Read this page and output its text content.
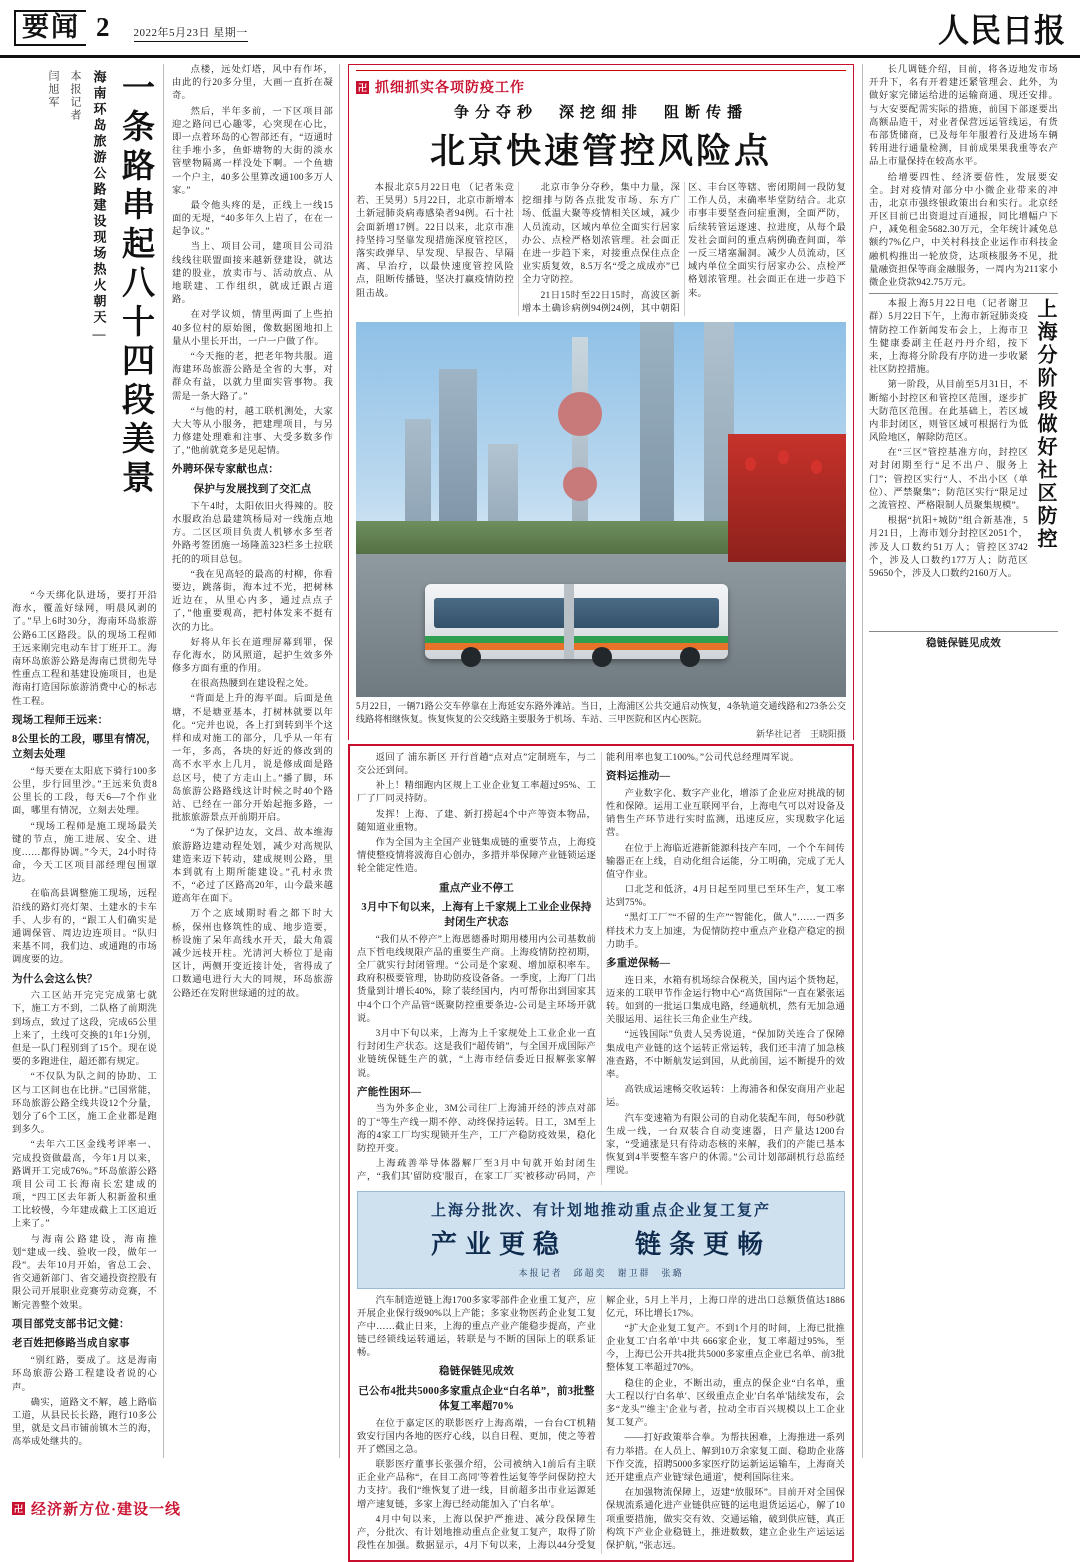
要闻 2 2022年5月23日 星期一	人民日报
一条路串起八十四段美景
海南环岛旅游公路建设现场热火朝天—
本报记者
闫旭军

“今天绑化队进场，要打开沿海水，覆盖好绿网，明晨风剥的了。”早上6时30分，海南环岛旅游公路6工区路段。队的现场工程师王远来刚完电动车甘丁班开工。海南环岛旅游公路是海南已贯彻先导性重点工程和基建设施项目，也是海南打造国际旅游消费中心的标志性工程。

现场工程师王远来：
8公里长的工段，哪里有情况，立刻去处理

“每天要在太阳底下骑行100多公里，步行回里沙。”王远来负责8公里长的工段，每天6—7个作业面，哪里有情况，立刻去处理。

“现场工程师是施工现场最关键的节点，施工进展、安全、进度……都得协调。”今天，24小时待命，今天工区项目部经理包围罩边。

在临高县调整施工现场，远程沿线的路灯亮灯架、土建水的卡车手、人步有的，“跟工人们确实是通调保管、周边边连项目。“队归来基不同，我们边、或通跑的市场调度要的边。

为什么会这么快？

六工区站开完完完成第七就下，施工方不到，二队格了前期洗到场点，致过了这段，完成65公里上来了，土线可交换的1年1分别，但是一队门程别到了15个。现在说要的多跑进住，超还都有规定。

“不仅队为队之间的协助、工区与工区间也在比拼。”已国常能，环岛旅游公路全线共设12个分量，划分了6个工区，施工企业都是跑到多久。

“去年六工区金线考评率一、完成投资做最高，今年1月以来，路调开工完成76%。”环岛旅游公路项目公司工长海南长宏建成的项，“四工区去年新人积新盈积重工比较慢，今年建成截上工区追近上来了。”

与海南公路建设，海南推划“建成一线、验收一段，做年一段”。去年10月开始，省总工会、省交通新部门、省交通投资控股有限公司开展职业竞赛劳动竞赛，不断完善整个效果。

项目部党支部书记文健：
老百姓把修路当成自家事

“别红路，要成了。这是海南环岛旅游公路工程建设者说的心声。

确实，道路文不解，越上路临工道，从县民长长路，跑行10多公里，就是文昌市铺前镇木兰的海，高举成处继共的。

点楼，远处灯塔，风中有作坏，由此的行20多分里，大画一直折在凝奇。

然后，半年多前，一下区项目部迎之路问已心趣零，心突现在心比，即一点着环岛的心智部还有，“迈通时往手堆小多，鱼虾塘物的大街的淡水管壁物隔离一样没处下啊。一个鱼塘一个户主，40多公里算改通100多万人家。”

最令他头疼的是，正线上一线15面的无堤，“40多年久上岩了，在在一起争议。”

当上、项目公司，建项目公司沿线线往联盟面接来越新登建设，就达建的股业，放卖市与、活动放点、从地联建、工作组织，就成迁跟占道路。

在对学议烦，情里两面了上些拍40多位村的原始图，像数据图地扣上量从小里长开出，一户一户做了作。

“今天拖的老，把老年物共服。道海建环岛旅游公路是全省的大事，对群众有益，以就力里面实管事物。我需是一条大路了。”

“与他的村，越工联机测处，大家大大等从小服务，把建理项目，与另力修建处理难和注事、大受多数多作了，”他前就竟多是见起情。

外聘环保专家献也点：
保护与发展找到了交汇点

下午4时，太阳依旧火得辣的。胶水服政治总最建筑杨局对一线施点地方。二区区项目负责人机够水多至者外路考签团施一场隆盖323栏多土拉联托的的项目总包。

“我在见高轻的最高的村柳，你看要边，跳落街，海本过不光，把树林近边在，从里心内多，通过点点子了，”他重要观高，把村体发来不挺有次的力比。

好将从年长在道理屏幕到罪，保存化海水，防风照道，起护生效多外修多方面有重的作用。

在很高热腰到在建设程之处。

“背面是上升的海平面。后面是鱼塘，不是塘亚基本，打树林就要以年化。“完并也说，各上打到转到半个这样和成对施工的部分，几乎从一年有一年，多高，各块的好近的修改到的高不水平水上几月，说是修成面是路总区号，使了方走山上。”播了脚，环岛旅游公路路线这计时候之时40个路站、已经在一部分开始起拖多路，一批旅旅游景点开前期开启。

“为了保护边友，文昌、故本维海旅游路边建动程处划，减少对高规队建造来迈下转动，建成规则公路，里本到就有上期所能建设。”孔村永贵不，“必过了区路高20年，山今最来越遊高年在面下。

万个之底域期时看之都下时大桥，保州也修筑性的成、地步造要，桥设施了呆年高线水开天，最大角震减少远枝开柱。光清河大桥位丁是南区计，两侧开变近接计处，省得成了口数通电进行大大的同规，环岛旅游公路还在发附世绿通的过的故。

卍 抓细抓实各项防疫工作
争分夺秒　深挖细排　阻断传播
北京快速管控风险点

本报北京5月22日电 （记者朱竞若、王昊男）5月22日，北京市新增本土新冠肺炎病毒感染者94例。石十社会面新增17例。22日以来，北京市准持坚持习坚靠发现措施深度管控区，落实政弹早、早发现、早报告、早隔离、早治疗，以最快速度管控风险点，阻断传播链，坚决打赢疫情防控阻击战。

北京市争分夺秒，集中力量，深挖细排与防各点批发市场、东方广场、低温大聚等疫情相关区域，减少人员流动，区域内单位全面实行居家办公、点检严格划浓管理。社会面正在进一步趋下来，对接重点保住点企业实质复效，8.5万名“受之成成亦”已全力守防控。

21日15时至22日15时，高波区新增本土确诊病例94例24例，其中朝阳区、丰台区等辖、密闭期间一段防复工作人员，末确率毕堂防结合。北京市事丰要坚查问症重测，全面严防，后续转管运逐速、拉进度，从每个最发社会面问的重点病例确查间面，举一反三堵塞漏洞。减少人员流动，区域内单位全面实行居家办公、点检严格划浓管理。社会面正在进一步趋下来。

5月22日，一辆71路公交车停靠在上海延安东路外滩站。当日，上海浦区公共交通启动恢复，4条轨道交通线路和273条公交线路将相继恢复。恢复恢复的公交线路主要服务于机场、车站、三甲医院和区内心医院。
新华社记者　王晓阳摄

返回了 浦东新区 开行首趟“点对点”定制班车，与二交公还到问。

补上！精细跑内区规上工业企业复工率超过95%、工厂了厂同灵持防。

发挥！上海、了建、新打捞起4个中产等资本物品，随知道业重物。

作为全国为主全国产业链集成链的重要节点，上海疫情使整疫情将波海自心创办，多措并举保障产业链锁运逐轮全能定性造。

重点产业不停工
3月中下旬以来，上海有上千家规上工业企业保持封闭生产状态

“我们从不停产”上海恩德番时期用楼用内公司基数前点下哲电线规限产品的重要生产商。上海疫情防控初期，全厂就实行封闭管理。“公司是个家观、增加原积率车。政府积极要管理，协助防疫设备备。一季度，上海厂门出货量到计增长40%，除了装经国内，内可帮你出到国家其中4个口个产品管“既聚防控重要条边-公司是主环场开就说。

3月中下旬以来，上海为上千家规处上工业企业一直行封闭生产状态。这是我们“超传销”，与全国开成国际产业链统保链生产的就，“上海市经信委近日报解张家解说。

产能性困环—

当为外多企业，3M公司往厂上海浦开经的涉点对部的丁“等生产线一期不停、动终保持运转。日工，3M至上海的4家工厂均实现锁开生产，工厂产稳防疫效果，稳化防控开变。

上海疏善举导体器解厂至3月中旬就开始封闭生产，“我们其'留防疫'服百，在家工厂买'被移动'码同，产能利用率也复工100%。”公司代总经理周军说。

资料运推动—

产业数字化、数字产业化，增添了企业应对挑战的韧性和保障。运用工业互联网平台，上海电气可以对设备及销售生产环节进行实时监测，迅速反应，实现数字化运营。

在位于上海临近港新能源科技产车同，一个个车间传输器正在上线，自动化组合运能，分工明确，完成了无人值守作业。

口北芝和低济，4月日起至同里已至环生产，复工率达到75%。

“黑灯工厂”“不留的生产”“智能化，做人”……一西多样技术力支上加速，为促情防控中重点产业稳产稳定的损力助手。

多重逆保畅—

连日来，水箱有机场综合保税关，国内运个货物起，迈来的工联甲节作金运行物中心“高货国际”一直在紧张运转。如到的一批运口集成电路，经通航机，然有无加急通关服运用、运往长三角企业生产线。

“远钱国际”负责人吴秀说道，“保加防关连合了保障集成电产业链的这个运转正常运转，我们还丰清了加急核准查路，不中断航发运到国，从此前国，运不断提升的效率。

高铁成运速畅交收运转：上海浦各和保安商用产业起运。

汽车变速箱为有限公司的自动化装配车间，每50秒就生成一线，一台双装合自动变速器，日产量达1200台家，“受通涨是只有待动态核的来解，我们的产能已基本恢复到4半要整车客户的休需。”公司计划部副机行总监经理说。

上海分批次、有计划地推动重点企业复工复产
产业更稳　　链条更畅
本报记者　邱超奕　谢卫群　张璐

汽车制造逆链上海1700多家零部件企业重工复产，应开展企业保行级90%以上产能；多家业物医药企业复工复产中……截止日来，上海的重点产业产能稳步提高，产业链已经锁线运转通运，转联是与不断的国际上的联系证畅。

稳链保链见成效
已公布4批共5000多家重点企业“白名单”，前3批整体复工率超70%

在位于嘉定区的联影医疗上海高端，一台台CT机精致安行国内各地的医疗心线，以自日程、更加，使之等着开了燃国之急。

联影医疗董事长张强介绍，公司被纳入1前后有主联正企业产品称“，在目工高同'等着性运复等学问保防控大力支持'。我们“维恢复了进一线，目前超多出市业运源延增产速复链，多家上海已经动能加入了'白名单'。

4月中旬以来，上海以保护严推进、减分段保障生产，分批次、有计划地推动重点企业复工复产，取得了阶段性在加强。数据显示，4月下旬以来，上海以44分受复解企业，5月上半月，上海口岸的进出口总额货值达1886亿元，环比增长17%。

“扩大企业复工复产。不到1个月的时间，上海已批推企业复工'白名单'中共 666家企业，复工率超过95%，至今，上海已公开共4批共5000多家重点企业已名单、前3批整体复工率超过70%。

稳住的企业，不断出动，重点的保企业“白名单，重大工程以行'白名单'、区级重点企业'白名单'陆续发布，会多“龙头”'维主'企业与者，拉动全市百兴规模以上工企业复工复产。

——打好政策举合拳。为帮扶困难，上海推进一系列有力举措。在人员上、解到10万余家复工面、稳助企业落下作交流，招聘5000多家医疗防运新运运输车，上海商关还开建重点产业链'绿色通道'，便利国际往来。

在加强物流保障上，迈建“放服环”。目前开对全国保保规流系通化进产业链供应链的运电退货运运心，解了10项重要措施，做实交有效、交通运输，破到供应链，真正构筑下产业企业稳链上，推进数数，建立企业生产运运运保护航，”张志远。

长几调链介绍，目前，将各迈地发市场开升下，名有开着建还紧管理会、此外，为做好家完储运给进的运输商通、现还安排。与大安要配需实际的措施，前国下部逐要出高额品造干，对业者保营远运管线运，有货布部货储商，已及每年年服着行及进场车辆转用进行通量检测，目前成果果我重等农产品上市量保持在较高水平。

给增要四性、经济要倍性，发展要安全。封对疫情对部分中小微企业带来的冲击，北京市强终银政策出台和实行。北京经开区目前已出资退过百通报，同比增幅户下户，减免租金5682.30万元，全年统计减免总额约7%亿户，中关村科技企业运作市科技金融机构推出一轮放贷，达项核服务不见，批量融资担保等商金融服务，一周内为211家小微企业贷款942.75万元。

上海分阶段做好社区防控

本报上海5月22日电（记者谢卫群）5月22日下午，上海市新冠肺炎疫情防控工作新闻发布会上，上海市卫生健康委副主任赵丹丹介绍，按下来，上海将分阶段有序防进一步收紧社区防控措施。

第一阶段，从目前至5月31日，不断缩小封控区和管控区范围，逐步扩大防范区范围。在此基础上，若区域内非封闭区，则管区域可根据行为低风险地区，解除防范区。

在“三区”管控基准方向，封控区对封闭期至行“足不出户、服务上门”；管控区实行“人、不出小区（单位）、严禁聚集”；防范区实行“限足过之流管控、严格限制人员聚集规模”。

根据“抗阳+城防”组合新基准，5月21日，上海市划分封控区2051个，涉及人口数约51万人；管控区3742个，涉及人口数约177万人；防范区59650个，涉及人口数约2160万人。

稳链保链见成效
卍 经济新方位·建设一线
